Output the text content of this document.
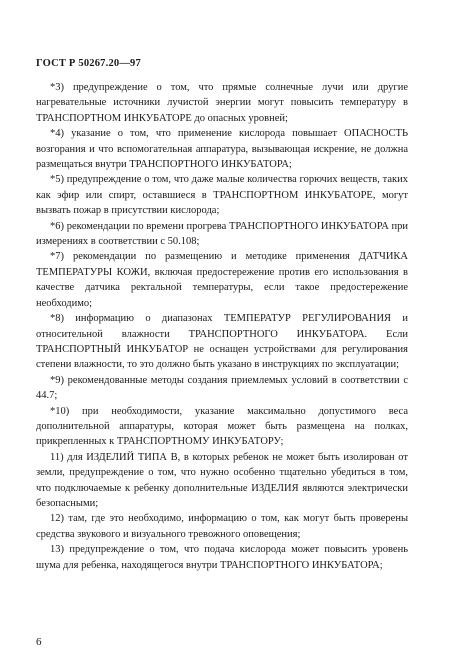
ГОСТ Р 50267.20—97

*3) предупреждение о том, что прямые солнечные лучи или другие нагревательные источники лучистой энергии могут повысить температуру в ТРАНСПОРТНОМ ИНКУБАТОРЕ до опасных уровней;

*4) указание о том, что применение кислорода повышает ОПАСНОСТЬ возгорания и что вспомогательная аппаратура, вызывающая искрение, не должна размещаться внутри ТРАНСПОРТНОГО ИНКУБАТОРА;

*5) предупреждение о том, что даже малые количества горючих веществ, таких как эфир или спирт, оставшиеся в ТРАНСПОРТНОМ ИНКУБАТОРЕ, могут вызвать пожар в присутствии кислорода;

*6) рекомендации по времени прогрева ТРАНСПОРТНОГО ИНКУБАТОРА при измерениях в соответствии с 50.108;

*7) рекомендации по размещению и методике применения ДАТЧИКА ТЕМПЕРАТУРЫ КОЖИ, включая предостережение против его использования в качестве датчика ректальной температуры, если такое предостережение необходимо;

*8) информацию о диапазонах ТЕМПЕРАТУР РЕГУЛИРОВАНИЯ и относительной влажности ТРАНСПОРТНОГО ИНКУБАТОРА. Если ТРАНСПОРТНЫЙ ИНКУБАТОР не оснащен устройствами для регулирования степени влажности, то это должно быть указано в инструкциях по эксплуатации;

*9) рекомендованные методы создания приемлемых условий в соответствии с 44.7;

*10) при необходимости, указание максимально допустимого веса дополнительной аппаратуры, которая может быть размещена на полках, прикрепленных к ТРАНСПОРТНОМУ ИНКУБАТОРУ;

11) для ИЗДЕЛИЙ ТИПА В, в которых ребенок не может быть изолирован от земли, предупреждение о том, что нужно особенно тщательно убедиться в том, что подключаемые к ребенку дополнительные ИЗДЕЛИЯ являются электрически безопасными;

12) там, где это необходимо, информацию о том, как могут быть проверены средства звукового и визуального тревожного оповещения;

13) предупреждение о том, что подача кислорода может повысить уровень шума для ребенка, находящегося внутри ТРАНСПОРТНОГО ИНКУБАТОРА;

6
